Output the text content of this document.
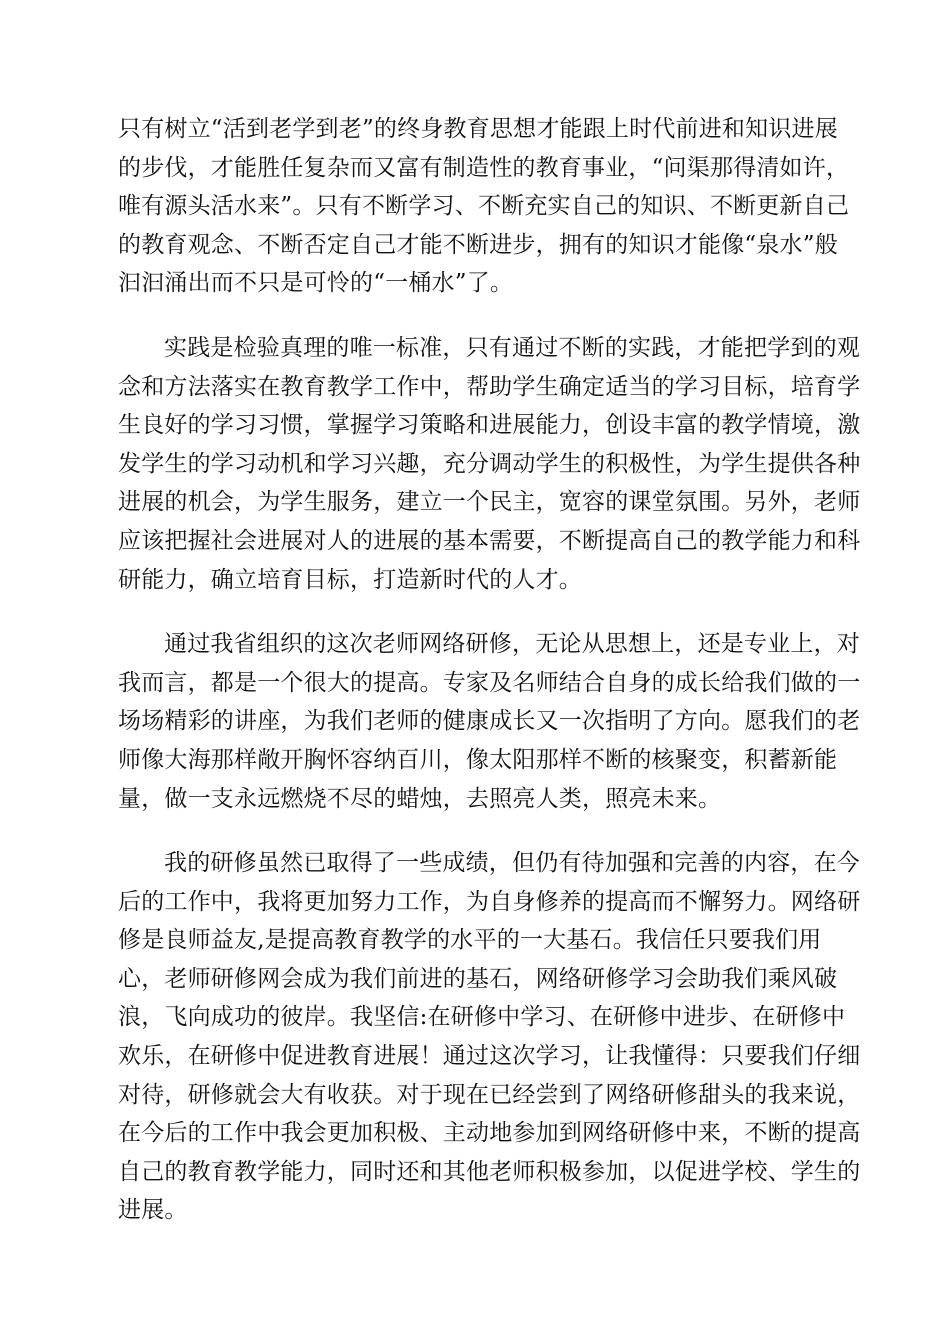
只有树立“活到老学到老”的终身教育思想才能跟上时代前进和知识进展
的步伐，才能胜任复杂而又富有制造性的教育事业，“问渠那得清如许，
唯有源头活水来”。只有不断学习、不断充实自己的知识、不断更新自己
的教育观念、不断否定自己才能不断进步，拥有的知识才能像“泉水”般
汩汩涌出而不只是可怜的“一桶水”了。
实践是检验真理的唯一标准，只有通过不断的实践，才能把学到的观
念和方法落实在教育教学工作中，帮助学生确定适当的学习目标，培育学
生良好的学习习惯，掌握学习策略和进展能力，创设丰富的教学情境，激
发学生的学习动机和学习兴趣，充分调动学生的积极性，为学生提供各种
进展的机会，为学生服务，建立一个民主，宽容的课堂氛围。另外，老师
应该把握社会进展对人的进展的基本需要，不断提高自己的教学能力和科
研能力，确立培育目标，打造新时代的人才。
通过我省组织的这次老师网络研修，无论从思想上，还是专业上，对
我而言，都是一个很大的提高。专家及名师结合自身的成长给我们做的一
场场精彩的讲座，为我们老师的健康成长又一次指明了方向。愿我们的老
师像大海那样敞开胸怀容纳百川，像太阳那样不断的核聚变，积蓄新能
量，做一支永远燃烧不尽的蜡烛，去照亮人类，照亮未来。
我的研修虽然已取得了一些成绩，但仍有待加强和完善的内容，在今
后的工作中，我将更加努力工作，为自身修养的提高而不懈努力。网络研
修是良师益友,是提高教育教学的水平的一大基石。我信任只要我们用
心，老师研修网会成为我们前进的基石，网络研修学习会助我们乘风破
浪，飞向成功的彼岸。我坚信:在研修中学习、在研修中进步、在研修中
欢乐，在研修中促进教育进展！通过这次学习，让我懂得：只要我们仔细
对待，研修就会大有收获。对于现在已经尝到了网络研修甜头的我来说，
在今后的工作中我会更加积极、主动地参加到网络研修中来，不断的提高
自己的教育教学能力，同时还和其他老师积极参加，以促进学校、学生的
进展。
